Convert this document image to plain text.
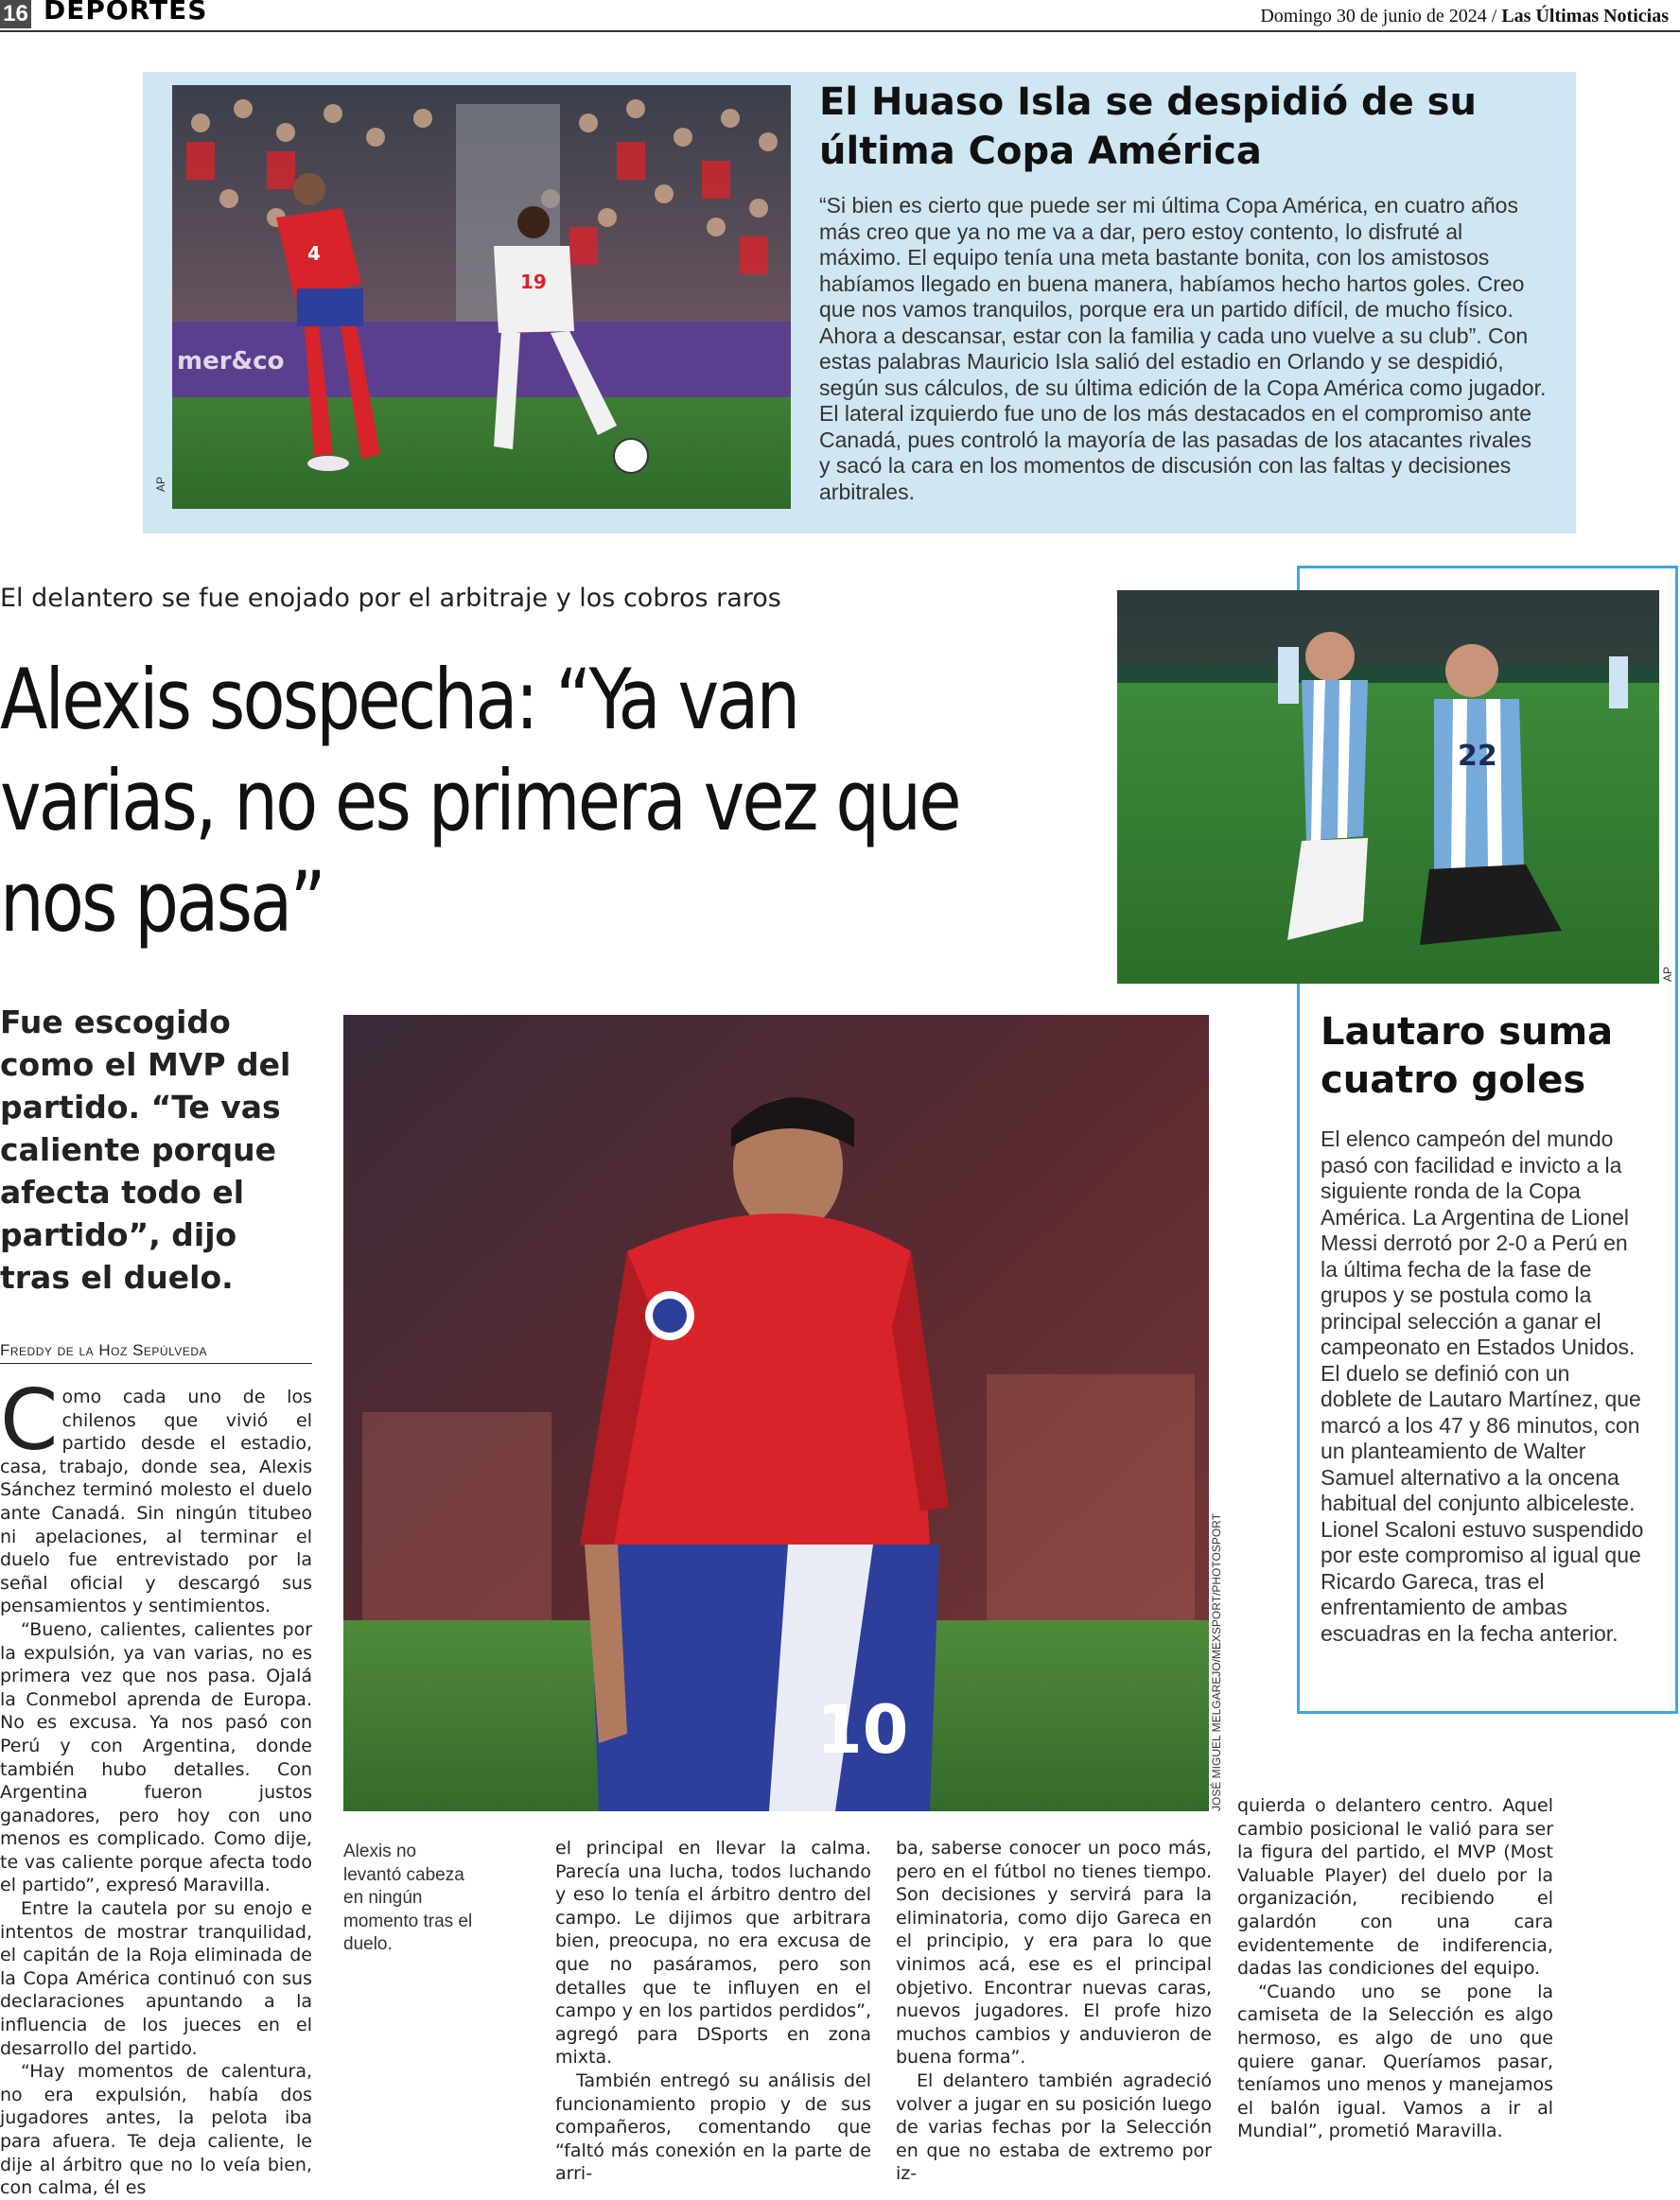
16 DEPORTES	Domingo 30 de junio de 2024 / Las Últimas Noticias
mer&co
4
19
AP
El Huaso Isla se despidió de su última Copa América
“Si bien es cierto que puede ser mi última Copa América, en cuatro años más creo que ya no me va a dar, pero estoy contento, lo disfruté al máximo. El equipo tenía una meta bastante bonita, con los amistosos habíamos llegado en buena manera, habíamos hecho hartos goles. Creo que nos vamos tranquilos, porque era un partido difícil, de mucho físico. Ahora a descansar, estar con la familia y cada uno vuelve a su club”. Con estas palabras Mauricio Isla salió del estadio en Orlando y se despidió, según sus cálculos, de su última edición de la Copa América como jugador. El lateral izquierdo fue uno de los más destacados en el compromiso ante Canadá, pues controló la mayoría de las pasadas de los atacantes rivales y sacó la cara en los momentos de discusión con las faltas y decisiones arbitrales.
El delantero se fue enojado por el arbitraje y los cobros raros
Alexis sospecha: “Ya van varias, no es primera vez que nos pasa”
Fue escogido como el MVP del partido. “Te vas caliente porque afecta todo el partido”, dijo tras el duelo.
Freddy de la Hoz Sepúlveda

Como cada uno de los chilenos que vivió el partido desde el estadio, casa, trabajo, donde sea, Alexis Sánchez terminó molesto el duelo ante Canadá. Sin ningún titubeo ni apelaciones, al terminar el duelo fue entrevistado por la señal oficial y descargó sus pensamientos y sentimientos.

“Bueno, calientes, calientes por la expulsión, ya van varias, no es primera vez que nos pasa. Ojalá la Conmebol aprenda de Europa. No es excusa. Ya nos pasó con Perú y con Argentina, donde también hubo detalles. Con Argentina fueron justos ganadores, pero hoy con uno menos es complicado. Como dije, te vas caliente porque afecta todo el partido”, expresó Maravilla.

Entre la cautela por su enojo e intentos de mostrar tranquilidad, el capitán de la Roja eliminada de la Copa América continuó con sus declaraciones apuntando a la influencia de los jueces en el desarrollo del partido.

“Hay momentos de calentura, no era expulsión, había dos jugadores antes, la pelota iba para afuera. Te deja caliente, le dije al árbitro que no lo veía bien, con calma, él es

10	JOSÉ MIGUEL MELGAREJO/MEXSPORT/PHOTOSPORT
Alexis no levantó cabeza en ningún momento tras el duelo.

el principal en llevar la calma. Parecía una lucha, todos luchando y eso lo tenía el árbitro dentro del campo. Le dijimos que arbitrara bien, preocupa, no era excusa de que no pasáramos, pero son detalles que te influyen en el campo y en los partidos perdidos”, agregó para DSports en zona mixta.

También entregó su análisis del funcionamiento propio y de sus compañeros, comentando que “faltó más conexión en la parte de arri-

ba, saberse conocer un poco más, pero en el fútbol no tienes tiempo. Son decisiones y servirá para la eliminatoria, como dijo Gareca en el principio, y era para lo que vinimos acá, ese es el principal objetivo. Encontrar nuevas caras, nuevos jugadores. El profe hizo muchos cambios y anduvieron de buena forma”.

El delantero también agradeció volver a jugar en su posición luego de varias fechas por la Selección en que no estaba de extremo por iz-

quierda o delantero centro. Aquel cambio posicional le valió para ser la figura del partido, el MVP (Most Valuable Player) del duelo por la organización, recibiendo el galardón con una cara evidentemente de indiferencia, dadas las condiciones del equipo.

“Cuando uno se pone la camiseta de la Selección es algo hermoso, es algo de uno que quiere ganar. Queríamos pasar, teníamos uno menos y manejamos el balón igual. Vamos a ir al Mundial”, prometió Maravilla.

22
AP
Lautaro suma cuatro goles
El elenco campeón del mundo pasó con facilidad e invicto a la siguiente ronda de la Copa América. La Argentina de Lionel Messi derrotó por 2-0 a Perú en la última fecha de la fase de grupos y se postula como la principal selección a ganar el campeonato en Estados Unidos. El duelo se definió con un doblete de Lautaro Martínez, que marcó a los 47 y 86 minutos, con un planteamiento de Walter Samuel alternativo a la oncena habitual del conjunto albiceleste. Lionel Scaloni estuvo suspendido por este compromiso al igual que Ricardo Gareca, tras el enfrentamiento de ambas escuadras en la fecha anterior.
